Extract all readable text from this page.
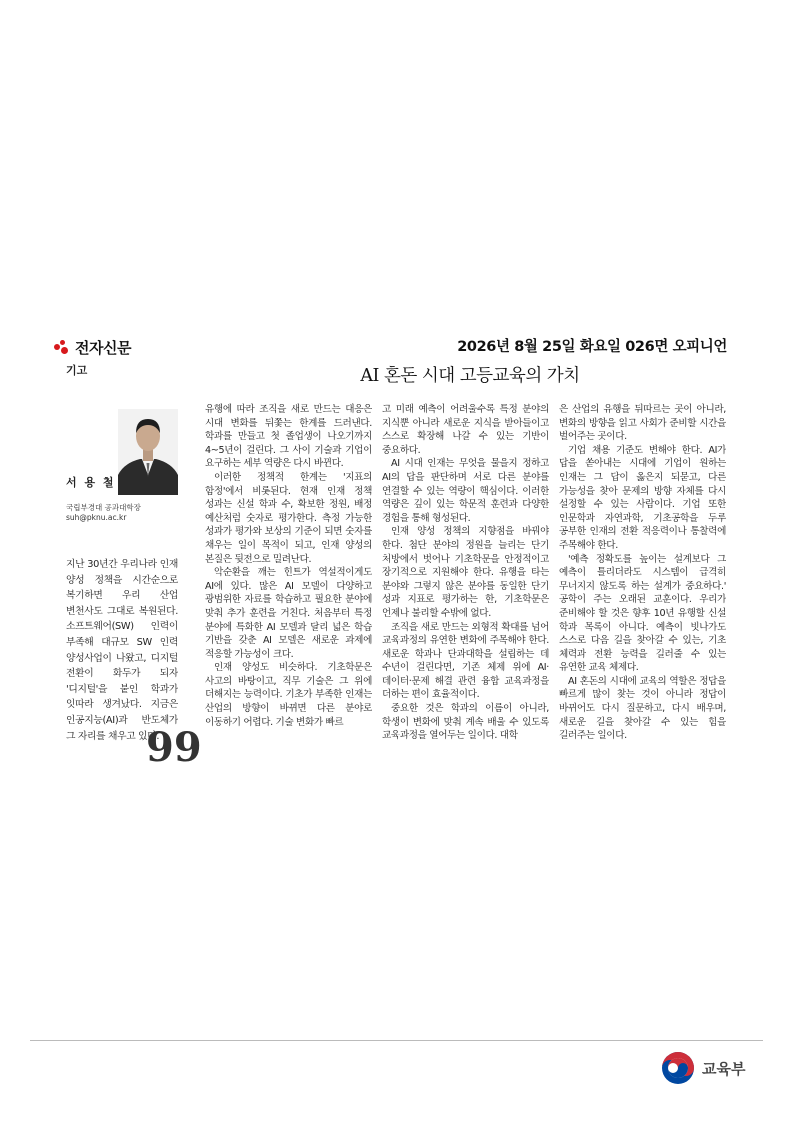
전자신문
기고
2026년 8월 25일 화요일 026면 오피니언
AI 혼돈 시대 고등교육의 가치
서 용 철
국립부경대 공과대학장
suh@pknu.ac.kr

지난 30년간 우리나라 인재 양성 정책을 시간순으로 복기하면 우리 산업 변천사도 그대로 복원된다. 소프트웨어(SW) 인력이 부족해 대규모 SW 인력 양성사업이 나왔고, 디지털 전환이 화두가 되자 '디지털'을 붙인 학과가 잇따라 생겨났다. 지금은 인공지능(AI)과 반도체가 그 자리를 채우고 있다.

99

유행에 따라 조직을 새로 만드는 대응은 시대 변화를 뒤쫓는 한계를 드러낸다. 학과를 만들고 첫 졸업생이 나오기까지 4~5년이 걸린다. 그 사이 기술과 기업이 요구하는 세부 역량은 다시 바뀐다.

이러한 정책적 한계는 '지표의 함정'에서 비롯된다. 현재 인재 정책 성과는 신설 학과 수, 확보한 정원, 배정 예산처럼 숫자로 평가한다. 측정 가능한 성과가 평가와 보상의 기준이 되면 숫자를 채우는 일이 목적이 되고, 인재 양성의 본질은 뒷전으로 밀려난다.

악순환을 깨는 힌트가 역설적이게도 AI에 있다. 많은 AI 모델이 다양하고 광범위한 자료를 학습하고 필요한 분야에 맞춰 추가 훈련을 거친다. 처음부터 특정 분야에 특화한 AI 모델과 달리 넓은 학습 기반을 갖춘 AI 모델은 새로운 과제에 적응할 가능성이 크다.

인재 양성도 비슷하다. 기초학문은 사고의 바탕이고, 직무 기술은 그 위에 더해지는 능력이다. 기초가 부족한 인재는 산업의 방향이 바뀌면 다른 분야로 이동하기 어렵다. 기술 변화가 빠르

고 미래 예측이 어려울수록 특정 분야의 지식뿐 아니라 새로운 지식을 받아들이고 스스로 확장해 나갈 수 있는 기반이 중요하다.

AI 시대 인재는 무엇을 물을지 정하고 AI의 답을 판단하며 서로 다른 분야를 연결할 수 있는 역량이 핵심이다. 이러한 역량은 깊이 있는 학문적 훈련과 다양한 경험을 통해 형성된다.

인재 양성 정책의 지향점을 바꿔야 한다. 첨단 분야의 정원을 늘리는 단기 처방에서 벗어나 기초학문을 안정적이고 장기적으로 지원해야 한다. 유행을 타는 분야와 그렇지 않은 분야를 동일한 단기 성과 지표로 평가하는 한, 기초학문은 언제나 불리할 수밖에 없다.

조직을 새로 만드는 외형적 확대를 넘어 교육과정의 유연한 변화에 주목해야 한다. 새로운 학과나 단과대학을 설립하는 데 수년이 걸린다면, 기존 체제 위에 AI·데이터·문제 해결 관련 융합 교육과정을 더하는 편이 효율적이다.

중요한 것은 학과의 이름이 아니라, 학생이 변화에 맞춰 계속 배울 수 있도록 교육과정을 열어두는 일이다. 대학

은 산업의 유행을 뒤따르는 곳이 아니라, 변화의 방향을 읽고 사회가 준비할 시간을 벌어주는 곳이다.

기업 채용 기준도 변해야 한다. AI가 답을 쏟아내는 시대에 기업이 원하는 인재는 그 답이 옳은지 되묻고, 다른 가능성을 찾아 문제의 방향 자체를 다시 설정할 수 있는 사람이다. 기업 또한 인문학과 자연과학, 기초공학을 두루 공부한 인재의 전환 적응력이나 통찰력에 주목해야 한다.

'예측 정확도를 높이는 설계보다 그 예측이 틀리더라도 시스템이 급격히 무너지지 않도록 하는 설계가 중요하다.' 공학이 주는 오래된 교훈이다. 우리가 준비해야 할 것은 향후 10년 유행할 신설 학과 목록이 아니다. 예측이 빗나가도 스스로 다음 길을 찾아갈 수 있는, 기초 체력과 전환 능력을 길러줄 수 있는 유연한 교육 체제다.

AI 혼돈의 시대에 교육의 역할은 정답을 빠르게 많이 찾는 것이 아니라 정답이 바뀌어도 다시 질문하고, 다시 배우며, 새로운 길을 찾아갈 수 있는 힘을 길러주는 일이다.

교육부
